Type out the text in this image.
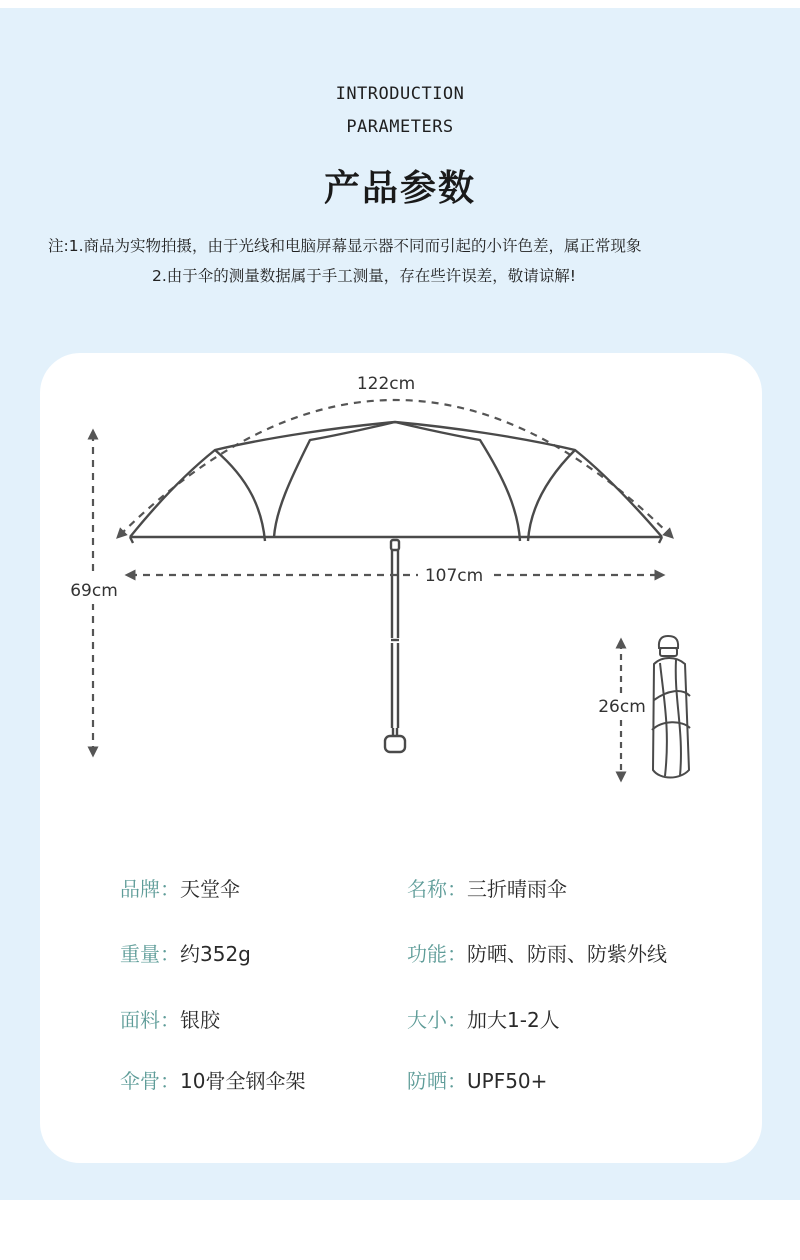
INTRODUCTION
PARAMETERS
产品参数
注:1.商品为实物拍摄，由于光线和电脑屏幕显示器不同而引起的小许色差，属正常现象
2.由于伞的测量数据属于手工测量，存在些许误差，敬请谅解!
122cm
107cm
69cm
26cm
品牌：天堂伞	名称：三折晴雨伞
重量：约352g	功能：防晒、防雨、防紫外线
面料：银胶	大小：加大1-2人
伞骨：10骨全钢伞架	防晒：UPF50+
